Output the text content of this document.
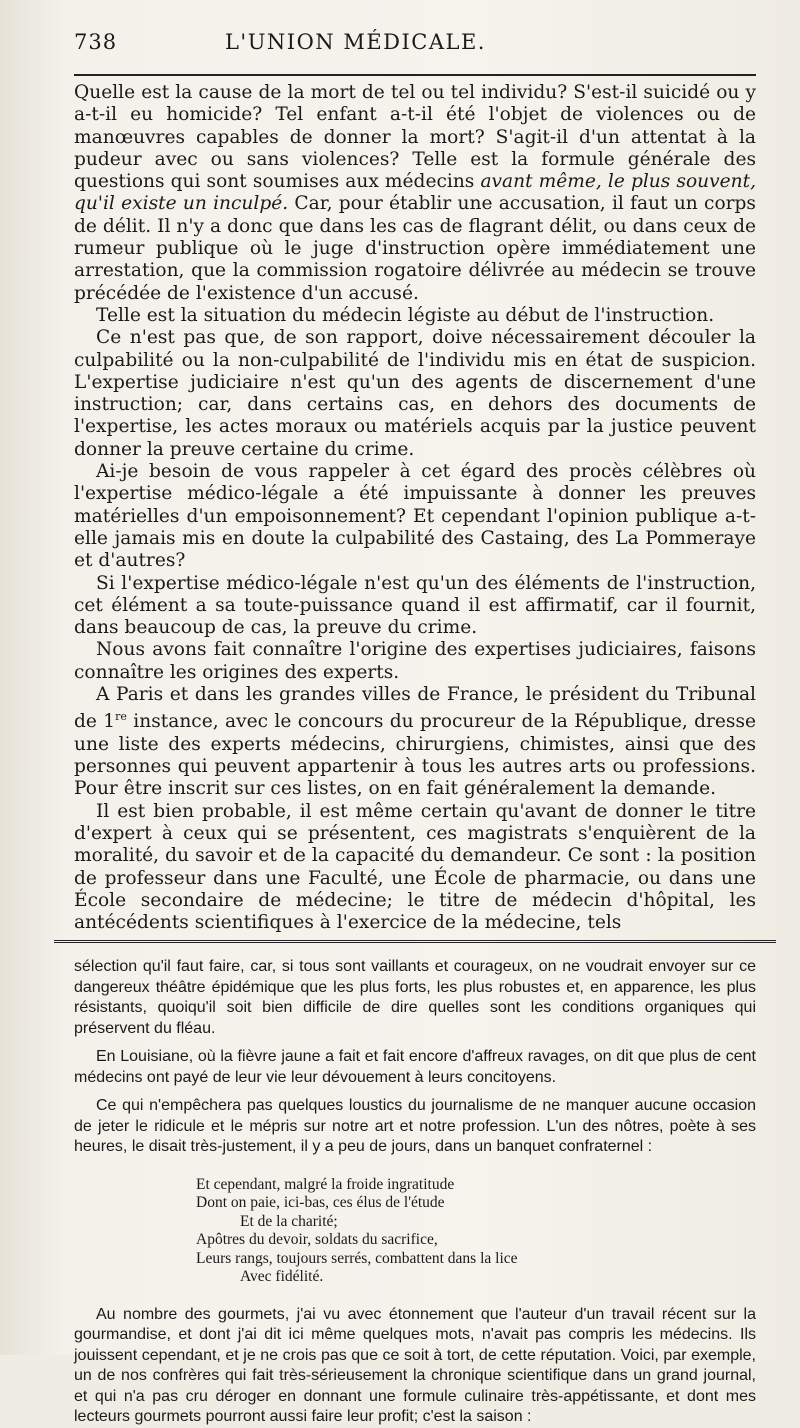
738	L'UNION MÉDICALE.

Quelle est la cause de la mort de tel ou tel individu? S'est-il suicidé ou y a-t-il eu homicide? Tel enfant a-t-il été l'objet de violences ou de manœuvres capables de donner la mort? S'agit-il d'un attentat à la pudeur avec ou sans violences? Telle est la formule générale des questions qui sont soumises aux médecins avant même, le plus souvent, qu'il existe un inculpé. Car, pour établir une accusation, il faut un corps de délit. Il n'y a donc que dans les cas de flagrant délit, ou dans ceux de rumeur publique où le juge d'instruction opère immédiatement une arrestation, que la commission rogatoire délivrée au médecin se trouve précédée de l'existence d'un accusé.

Telle est la situation du médecin légiste au début de l'instruction.

Ce n'est pas que, de son rapport, doive nécessairement découler la culpabilité ou la non-culpabilité de l'individu mis en état de suspicion. L'expertise judiciaire n'est qu'un des agents de discernement d'une instruction; car, dans certains cas, en dehors des documents de l'expertise, les actes moraux ou matériels acquis par la justice peuvent donner la preuve certaine du crime.

Ai-je besoin de vous rappeler à cet égard des procès célèbres où l'expertise médico-légale a été impuissante à donner les preuves matérielles d'un empoisonnement? Et cependant l'opinion publique a-t-elle jamais mis en doute la culpabilité des Castaing, des La Pommeraye et d'autres?

Si l'expertise médico-légale n'est qu'un des éléments de l'instruction, cet élément a sa toute-puissance quand il est affirmatif, car il fournit, dans beaucoup de cas, la preuve du crime.

Nous avons fait connaître l'origine des expertises judiciaires, faisons connaître les origines des experts.

A Paris et dans les grandes villes de France, le président du Tribunal de 1re instance, avec le concours du procureur de la République, dresse une liste des experts médecins, chirurgiens, chimistes, ainsi que des personnes qui peuvent appartenir à tous les autres arts ou professions. Pour être inscrit sur ces listes, on en fait généralement la demande.

Il est bien probable, il est même certain qu'avant de donner le titre d'expert à ceux qui se présentent, ces magistrats s'enquièrent de la moralité, du savoir et de la capacité du demandeur. Ce sont : la position de professeur dans une Faculté, une École de pharmacie, ou dans une École secondaire de médecine; le titre de médecin d'hôpital, les antécédents scientifiques à l'exercice de la médecine, tels

sélection qu'il faut faire, car, si tous sont vaillants et courageux, on ne voudrait envoyer sur ce dangereux théâtre épidémique que les plus forts, les plus robustes et, en apparence, les plus résistants, quoiqu'il soit bien difficile de dire quelles sont les conditions organiques qui préservent du fléau.

En Louisiane, où la fièvre jaune a fait et fait encore d'affreux ravages, on dit que plus de cent médecins ont payé de leur vie leur dévouement à leurs concitoyens.

Ce qui n'empêchera pas quelques loustics du journalisme de ne manquer aucune occasion de jeter le ridicule et le mépris sur notre art et notre profession. L'un des nôtres, poète à ses heures, le disait très-justement, il y a peu de jours, dans un banquet confraternel :

Et cependant, malgré la froide ingratitude
Dont on paie, ici-bas, ces élus de l'étude
Et de la charité;
Apôtres du devoir, soldats du sacrifice,
Leurs rangs, toujours serrés, combattent dans la lice
Avec fidélité.

Au nombre des gourmets, j'ai vu avec étonnement que l'auteur d'un travail récent sur la gourmandise, et dont j'ai dit ici même quelques mots, n'avait pas compris les médecins. Ils jouissent cependant, et je ne crois pas que ce soit à tort, de cette réputation. Voici, par exemple, un de nos confrères qui fait très-sérieusement la chronique scientifique dans un grand journal, et qui n'a pas cru déroger en donnant une formule culinaire très-appétissante, et dont mes lecteurs gourmets pourront aussi faire leur profit; c'est la saison :
